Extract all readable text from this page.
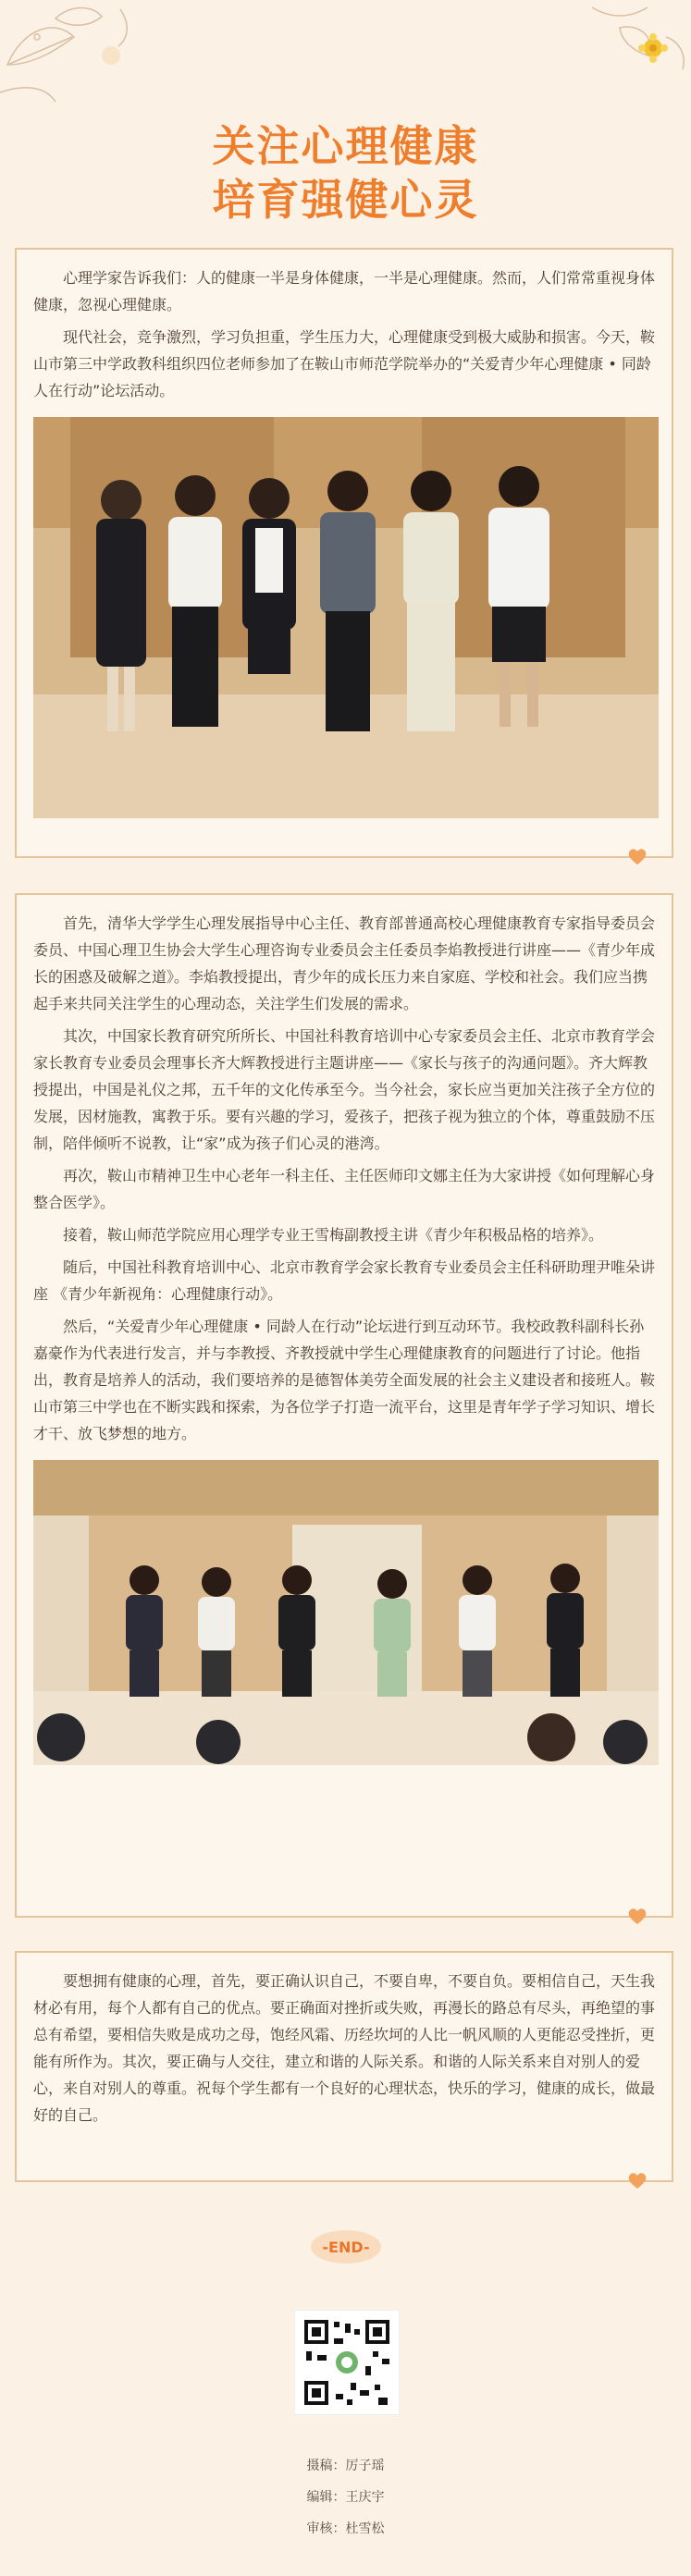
关注心理健康
培育强健心灵

心理学家告诉我们：人的健康一半是身体健康，一半是心理健康。然而，人们常常重视身体健康，忽视心理健康。

现代社会，竞争激烈，学习负担重，学生压力大，心理健康受到极大威胁和损害。今天，鞍山市第三中学政教科组织四位老师参加了在鞍山市师范学院举办的“关爱青少年心理健康 • 同龄人在行动”论坛活动。

首先，清华大学学生心理发展指导中心主任、教育部普通高校心理健康教育专家指导委员会委员、中国心理卫生协会大学生心理咨询专业委员会主任委员李焰教授进行讲座——《青少年成长的困惑及破解之道》。李焰教授提出，青少年的成长压力来自家庭、学校和社会。我们应当携起手来共同关注学生的心理动态，关注学生们发展的需求。

其次，中国家长教育研究所所长、中国社科教育培训中心专家委员会主任、北京市教育学会家长教育专业委员会理事长齐大辉教授进行主题讲座——《家长与孩子的沟通问题》。齐大辉教授提出，中国是礼仪之邦，五千年的文化传承至今。当今社会，家长应当更加关注孩子全方位的发展，因材施教，寓教于乐。要有兴趣的学习，爱孩子，把孩子视为独立的个体，尊重鼓励不压制，陪伴倾听不说教，让“家”成为孩子们心灵的港湾。

再次，鞍山市精神卫生中心老年一科主任、主任医师印文娜主任为大家讲授《如何理解心身整合医学》。

接着，鞍山师范学院应用心理学专业王雪梅副教授主讲《青少年积极品格的培养》。

随后，中国社科教育培训中心、北京市教育学会家长教育专业委员会主任科研助理尹唯朵讲座 《青少年新视角：心理健康行动》。

然后，“关爱青少年心理健康 • 同龄人在行动”论坛进行到互动环节。我校政教科副科长孙嘉豪作为代表进行发言，并与李教授、齐教授就中学生心理健康教育的问题进行了讨论。他指出，教育是培养人的活动，我们要培养的是德智体美劳全面发展的社会主义建设者和接班人。鞍山市第三中学也在不断实践和探索，为各位学子打造一流平台，这里是青年学子学习知识、增长才干、放飞梦想的地方。

要想拥有健康的心理，首先，要正确认识自己，不要自卑，不要自负。要相信自己，天生我材必有用，每个人都有自己的优点。要正确面对挫折或失败，再漫长的路总有尽头，再绝望的事总有希望，要相信失败是成功之母，饱经风霜、历经坎坷的人比一帆风顺的人更能忍受挫折，更能有所作为。其次，要正确与人交往，建立和谐的人际关系。和谐的人际关系来自对别人的爱心，来自对别人的尊重。祝每个学生都有一个良好的心理状态，快乐的学习，健康的成长，做最好的自己。

-END-
摄稿：厉子瑶
编辑：王庆宇
审核：杜雪松
